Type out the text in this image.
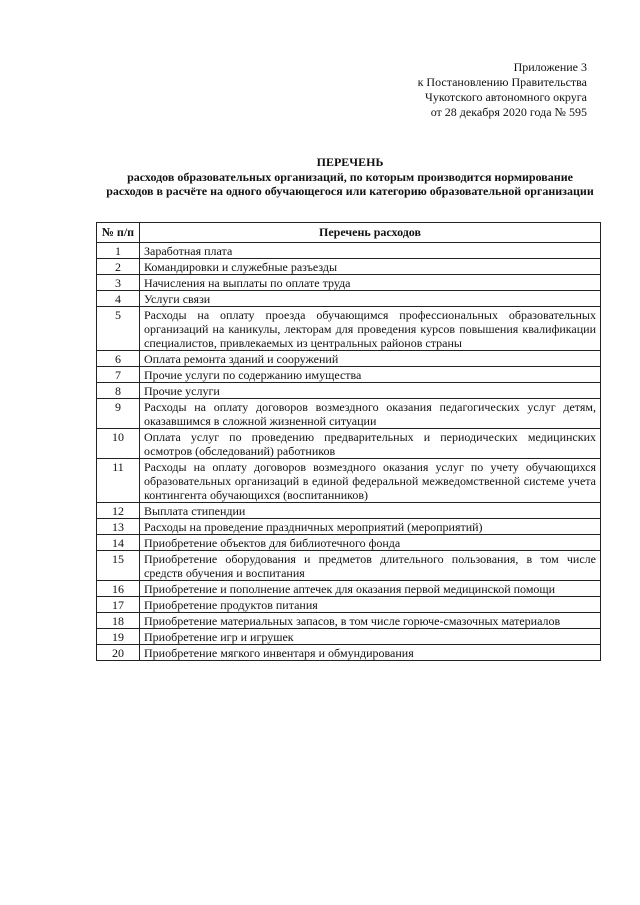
Приложение 3
к Постановлению Правительства
Чукотского автономного округа
от 28 декабря 2020 года № 595
ПЕРЕЧЕНЬ
расходов образовательных организаций, по которым производится нормирование расходов в расчёте на одного обучающегося или категорию образовательной организации
№ п/п	Перечень расходов
1	Заработная плата
2	Командировки и служебные разъезды
3	Начисления на выплаты по оплате труда
4	Услуги связи
5	Расходы на оплату проезда обучающимся профессиональных образовательных организаций на каникулы, лекторам для проведения курсов повышения квалификации специалистов, привлекаемых из центральных районов страны
6	Оплата ремонта зданий и сооружений
7	Прочие услуги по содержанию имущества
8	Прочие услуги
9	Расходы на оплату договоров возмездного оказания педагогических услуг детям, оказавшимся в сложной жизненной ситуации
10	Оплата услуг по проведению предварительных и периодических медицинских осмотров (обследований) работников
11	Расходы на оплату договоров возмездного оказания услуг по учету обучающихся образовательных организаций в единой федеральной межведомственной системе учета контингента обучающихся (воспитанников)
12	Выплата стипендии
13	Расходы на проведение праздничных мероприятий (мероприятий)
14	Приобретение объектов для библиотечного фонда
15	Приобретение оборудования и предметов длительного пользования, в том числе средств обучения и воспитания
16	Приобретение и пополнение аптечек для оказания первой медицинской помощи
17	Приобретение продуктов питания
18	Приобретение материальных запасов, в том числе горюче-смазочных материалов
19	Приобретение игр и игрушек
20	Приобретение мягкого инвентаря и обмундирования
